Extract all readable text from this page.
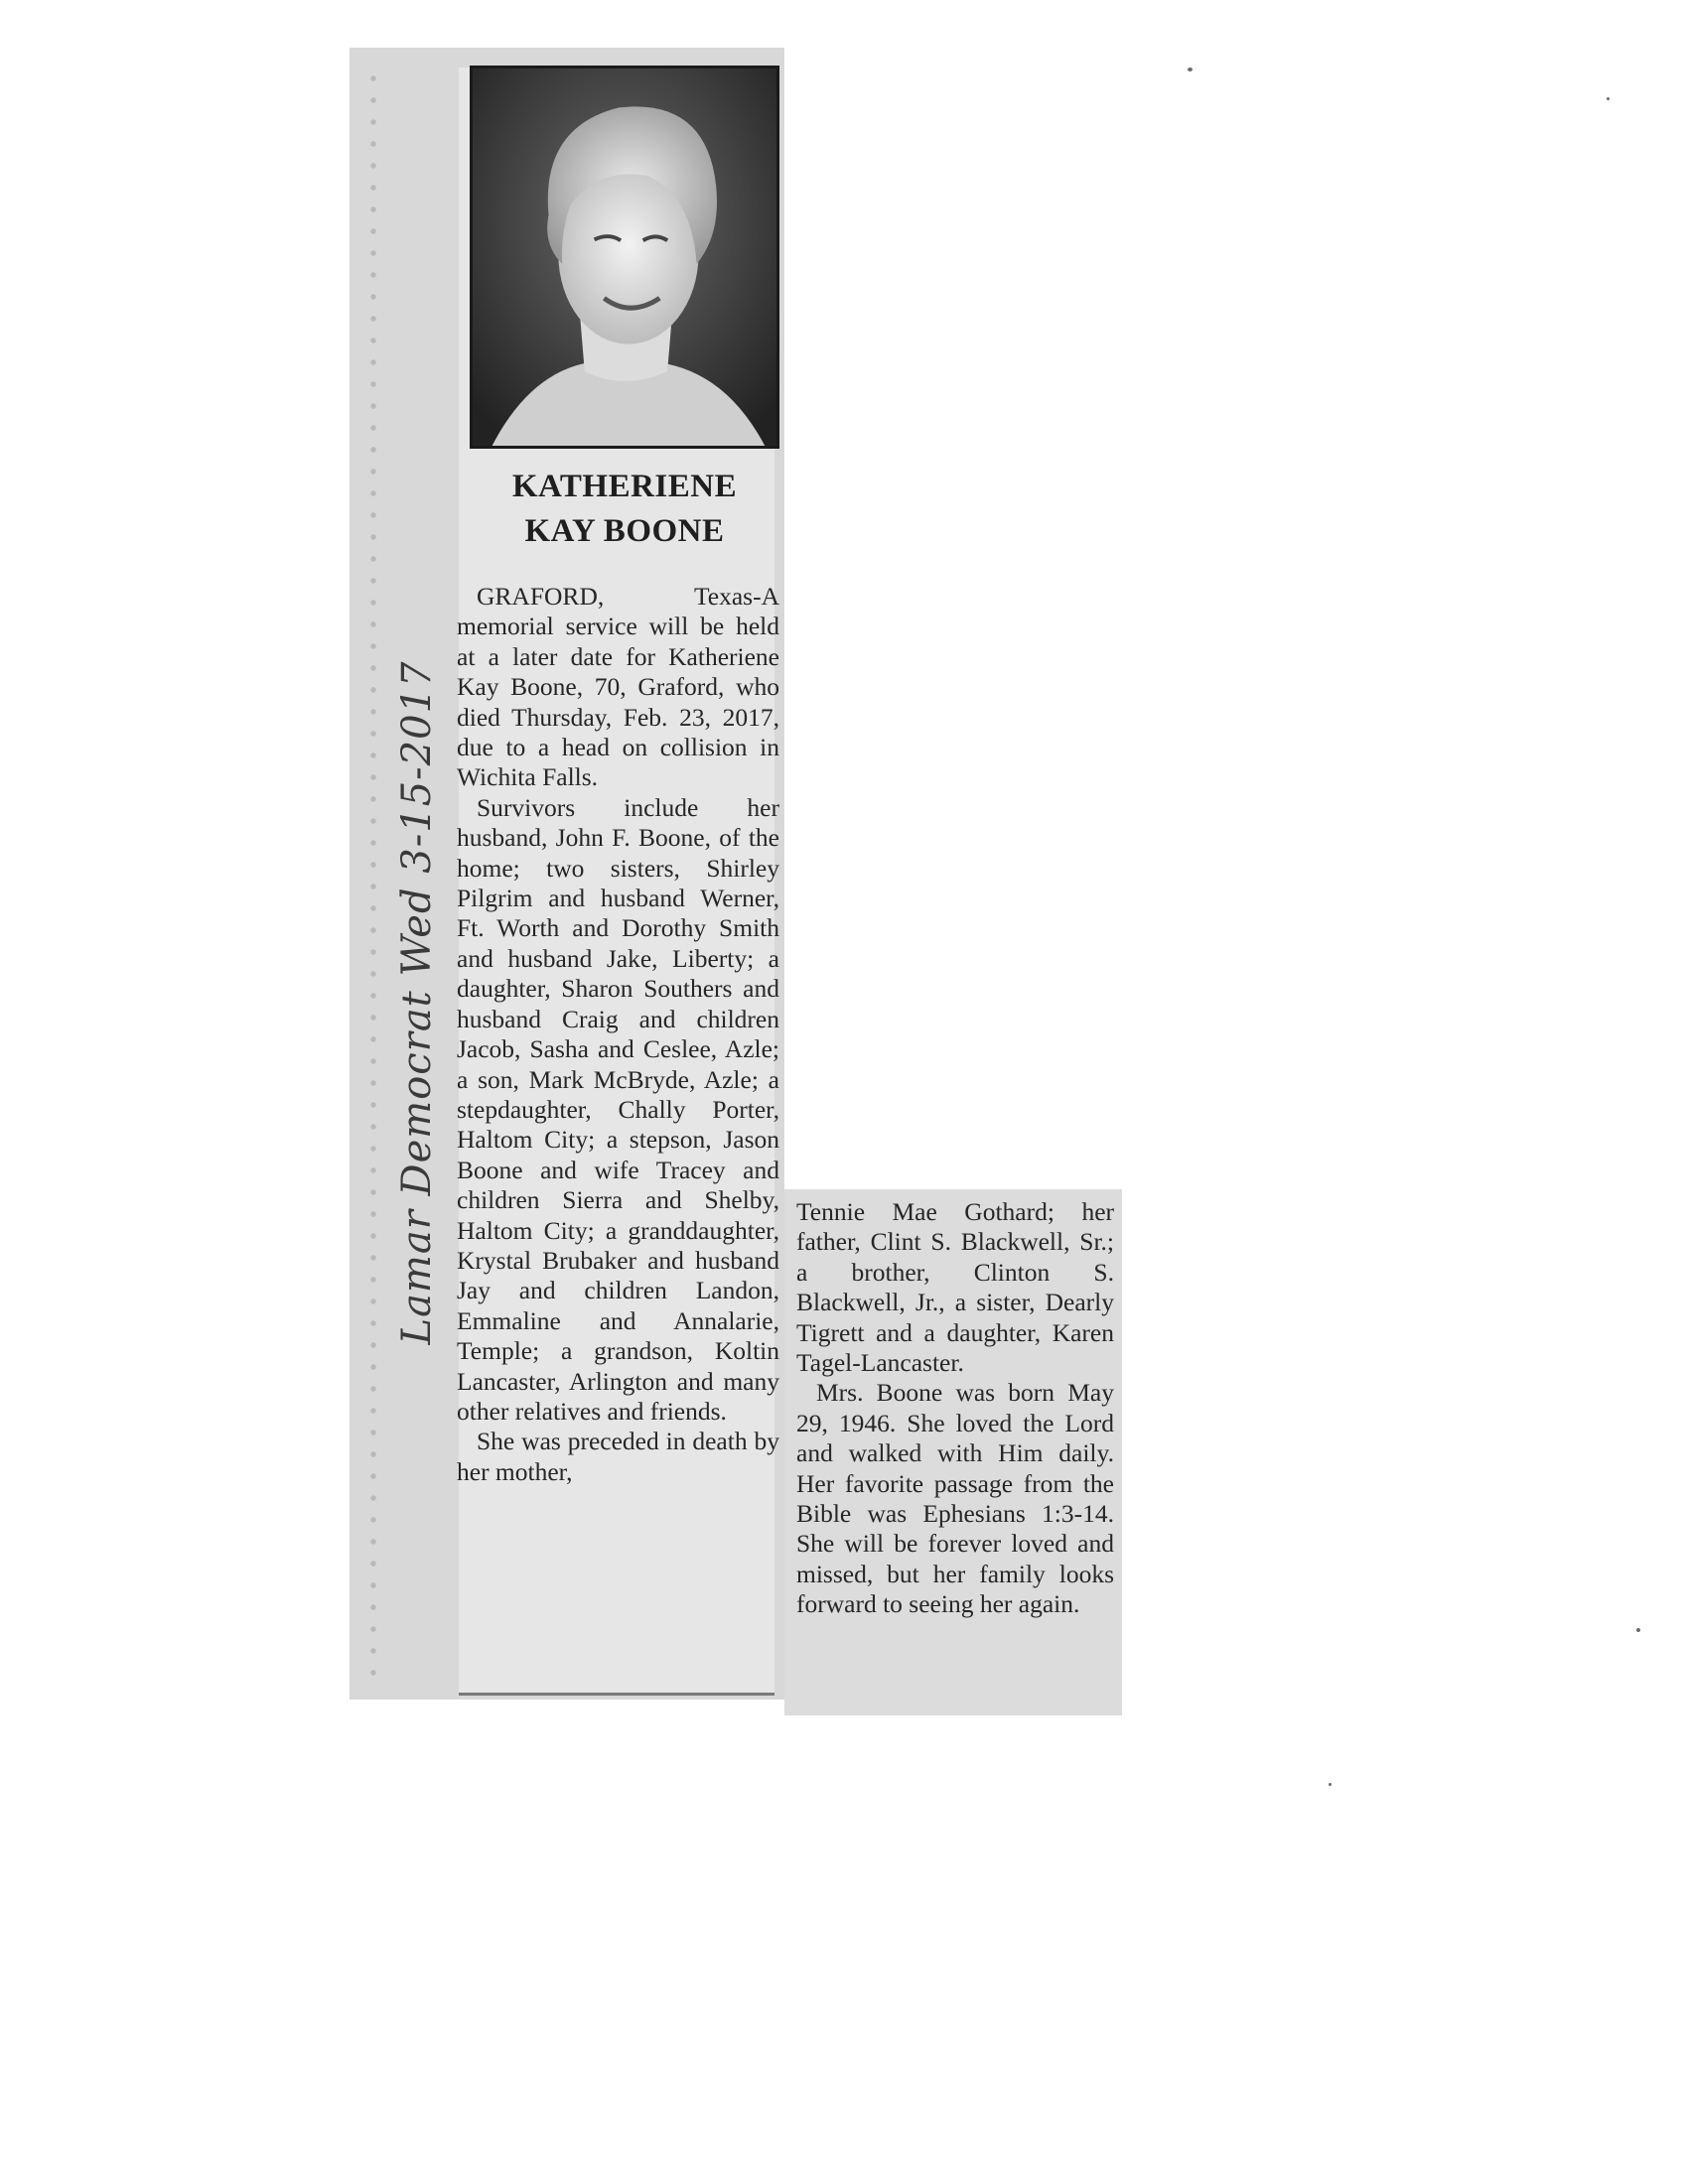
KATHERIENE
KAY BOONE

GRAFORD, Texas-A memorial service will be held at a later date for Katheriene Kay Boone, 70, Graford, who died Thursday, Feb. 23, 2017, due to a head on collision in Wichita Falls.

Survivors include her husband, John F. Boone, of the home; two sisters, Shirley Pilgrim and husband Werner, Ft. Worth and Dorothy Smith and husband Jake, Liberty; a daughter, Sharon Southers and husband Craig and children Jacob, Sasha and Ceslee, Azle; a son, Mark McBryde, Azle; a stepdaughter, Chally Porter, Haltom City; a stepson, Jason Boone and wife Tracey and children Sierra and Shelby, Haltom City; a granddaughter, Krystal Brubaker and husband Jay and children Landon, Emmaline and Annalarie, Temple; a grandson, Koltin Lancaster, Arlington and many other relatives and friends.

She was preceded in death by her mother,

Tennie Mae Gothard; her father, Clint S. Blackwell, Sr.; a brother, Clinton S. Blackwell, Jr., a sister, Dearly Tigrett and a daughter, Karen Tagel-Lancaster.

Mrs. Boone was born May 29, 1946. She loved the Lord and walked with Him daily. Her favorite passage from the Bible was Ephesians 1:3-14. She will be forever loved and missed, but her family looks forward to seeing her again.

Lamar Democrat Wed 3-15-2017
